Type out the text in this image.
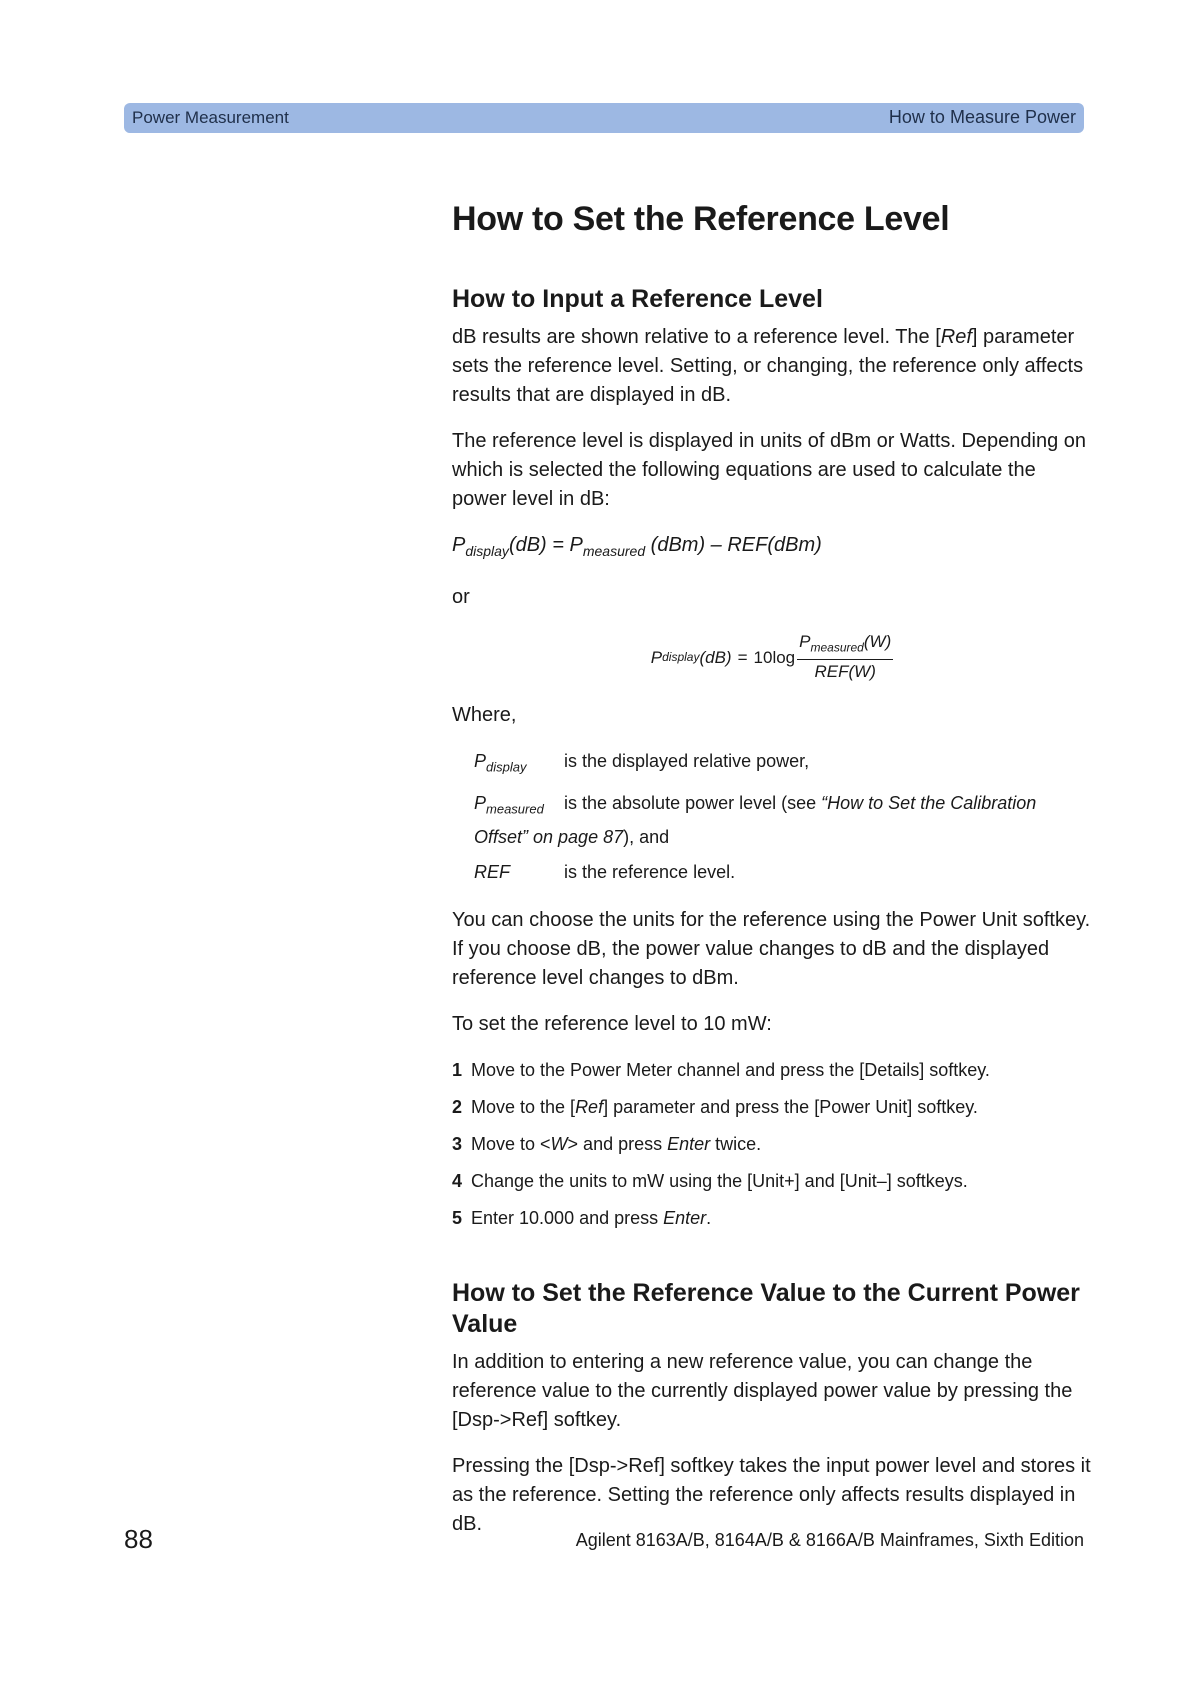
Power Measurement	How to Measure Power
How to Set the Reference Level
How to Input a Reference Level

dB results are shown relative to a reference level. The [Ref] parameter sets the reference level. Setting, or changing, the reference only affects results that are displayed in dB.

The reference level is displayed in units of dBm or Watts. Depending on which is selected the following equations are used to calculate the power level in dB:

$P_{display}(dB) = P_{measured}$ (dBm) – REF(dBm)

or

P display $(dB) = 10\log \frac{P_{measured}(W)}{\text{REF(W)}}$

Where,

$P_{display}$	is the displayed relative power,
$P_{measured}$ is the absolute power level (see “How to Set the Calibration Offset” on page 87), and
REF	is the reference level.

You can choose the units for the reference using the Power Unit softkey. If you choose dB, the power value changes to dB and the displayed reference level changes to dBm.

To set the reference level to 10 mW:

1 Move to the Power Meter channel and press the [Details] softkey.
2 Move to the [Ref] parameter and press the [Power Unit] softkey.
3 Move to <W> and press Enter twice.
4 Change the units to mW using the [Unit+] and [Unit–] softkeys.
5 Enter 10.000 and press Enter.
How to Set the Reference Value to the Current Power Value

In addition to entering a new reference value, you can change the reference value to the currently displayed power value by pressing the [Dsp->Ref] softkey.

Pressing the [Dsp->Ref] softkey takes the input power level and stores it as the reference. Setting the reference only affects results displayed in dB.

88	Agilent 8163A/B, 8164A/B & 8166A/B Mainframes, Sixth Edition
